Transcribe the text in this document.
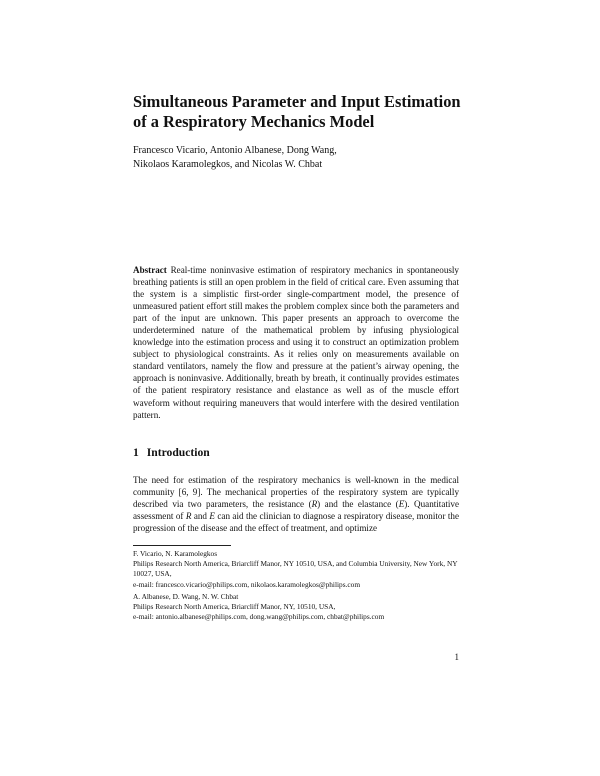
Simultaneous Parameter and Input Estimation
of a Respiratory Mechanics Model

Francesco Vicario, Antonio Albanese, Dong Wang,
Nikolaos Karamolegkos, and Nicolas W. Chbat

Abstract Real-time noninvasive estimation of respiratory mechanics in spontaneously breathing patients is still an open problem in the field of critical care. Even assuming that the system is a simplistic first-order single-compartment model, the presence of unmeasured patient effort still makes the problem complex since both the parameters and part of the input are unknown. This paper presents an approach to overcome the underdetermined nature of the mathematical problem by infusing physiological knowledge into the estimation process and using it to construct an optimization problem subject to physiological constraints. As it relies only on measurements available on standard ventilators, namely the flow and pressure at the patient’s airway opening, the approach is noninvasive. Additionally, breath by breath, it continually provides estimates of the patient respiratory resistance and elastance as well as of the muscle effort waveform without requiring maneuvers that would interfere with the desired ventilation pattern.

1 Introduction

The need for estimation of the respiratory mechanics is well-known in the medical community [6, 9]. The mechanical properties of the respiratory system are typically described via two parameters, the resistance (R) and the elastance (E). Quantitative assessment of R and E can aid the clinician to diagnose a respiratory disease, monitor the progression of the disease and the effect of treatment, and optimize

F. Vicario, N. Karamolegkos
Philips Research North America, Briarcliff Manor, NY 10510, USA, and Columbia University, New York, NY 10027, USA,
e-mail: francesco.vicario@philips.com, nikolaos.karamolegkos@philips.com

A. Albanese, D. Wang, N. W. Chbat
Philips Research North America, Briarcliff Manor, NY, 10510, USA,
e-mail: antonio.albanese@philips.com, dong.wang@philips.com, chbat@philips.com

1
